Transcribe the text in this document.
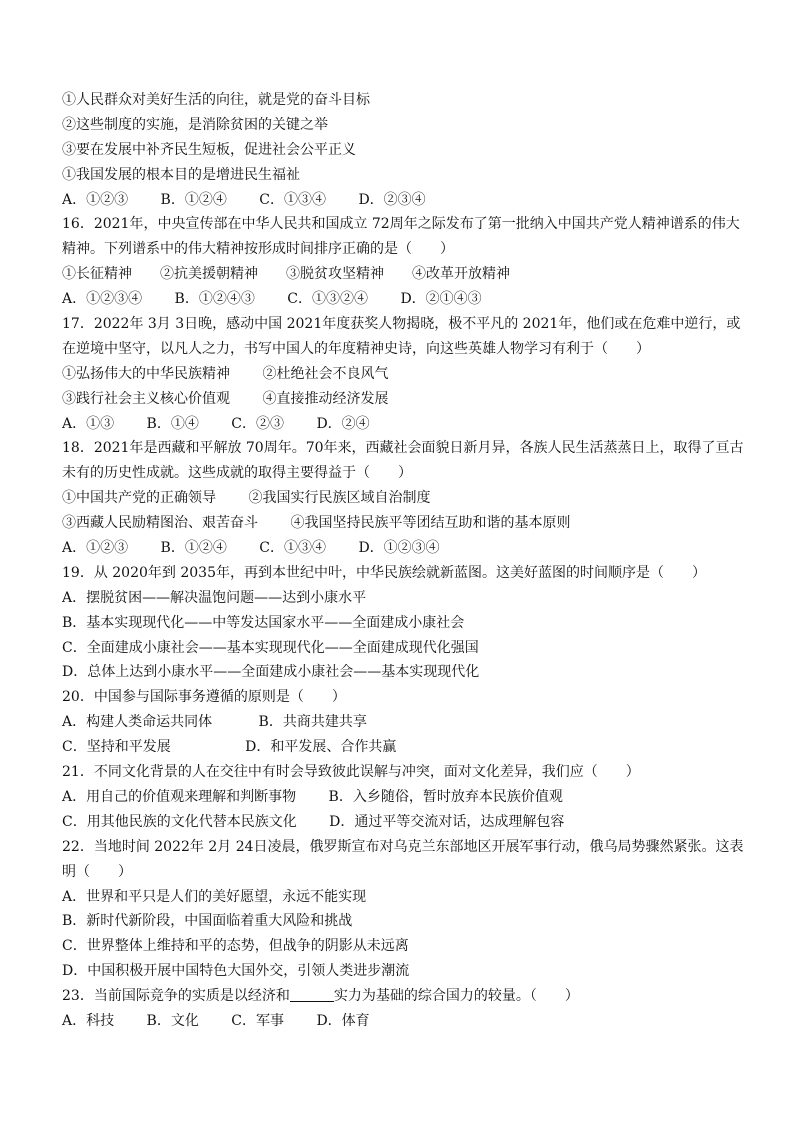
①人民群众对美好生活的向往，就是党的奋斗目标
②这些制度的实施，是消除贫困的关键之举
③要在发展中补齐民生短板，促进社会公平正义
①我国发展的根本目的是增进民生福祉
A．①②③　　 B．①②④　　 C．①③④　　 D．②③④
16．2021年，中央宣传部在中华人民共和国成立 72周年之际发布了第一批纳入中国共产党人精神谱系的伟大
精神。下列谱系中的伟大精神按形成时间排序正确的是（　　）
①长征精神　　②抗美援朝精神　　③脱贫攻坚精神　　④改革开放精神
A．①②③④　　 B．①②④③　　 C．①③②④　　 D．②①④③
17．2022年 3月 3日晚，感动中国 2021年度获奖人物揭晓，极不平凡的 2021年，他们或在危难中逆行，或
在逆境中坚守，以凡人之力，书写中国人的年度精神史诗，向这些英雄人物学习有利于（　　）
①弘扬伟大的中华民族精神　　 ②杜绝社会不良风气
③践行社会主义核心价值观　　 ④直接推动经济发展
A．①③　　 B．①④　　 C．②③　　 D．②④
18．2021年是西藏和平解放 70周年。70年来，西藏社会面貌日新月异，各族人民生活蒸蒸日上，取得了亘古
未有的历史性成就。这些成就的取得主要得益于（　　）
①中国共产党的正确领导　　 ②我国实行民族区域自治制度
③西藏人民励精图治、艰苦奋斗　　 ④我国坚持民族平等团结互助和谐的基本原则
A．①②③　　 B．①②④　　 C．①③④　　 D．①②③④
19．从 2020年到 2035年，再到本世纪中叶，中华民族绘就新蓝图。这美好蓝图的时间顺序是（　　）
A．摆脱贫困——解决温饱问题——达到小康水平
B．基本实现现代化——中等发达国家水平——全面建成小康社会
C．全面建成小康社会——基本实现现代化——全面建成现代化强国
D．总体上达到小康水平——全面建成小康社会——基本实现现代化
20．中国参与国际事务遵循的原则是（　　）
A．构建人类命运共同体　　　 B．共商共建共享
C．坚持和平发展　　　　　 D．和平发展、合作共赢
21．不同文化背景的人在交往中有时会导致彼此误解与冲突，面对文化差异，我们应（　　）
A．用自己的价值观来理解和判断事物　　 B．入乡随俗，暂时放弃本民族价值观
C．用其他民族的文化代替本民族文化　　 D．通过平等交流对话，达成理解包容
22．当地时间 2022年 2月 24日凌晨，俄罗斯宣布对乌克兰东部地区开展军事行动，俄乌局势骤然紧张。这表
明（　　）
A．世界和平只是人们的美好愿望，永远不能实现
B．新时代新阶段，中国面临着重大风险和挑战
C．世界整体上维持和平的态势，但战争的阴影从未远离
D．中国积极开展中国特色大国外交，引领人类进步潮流
23．当前国际竞争的实质是以经济和	实力为基础的综合国力的较量。（　　）
A．科技　　 B．文化　　 C．军事　　 D．体育
